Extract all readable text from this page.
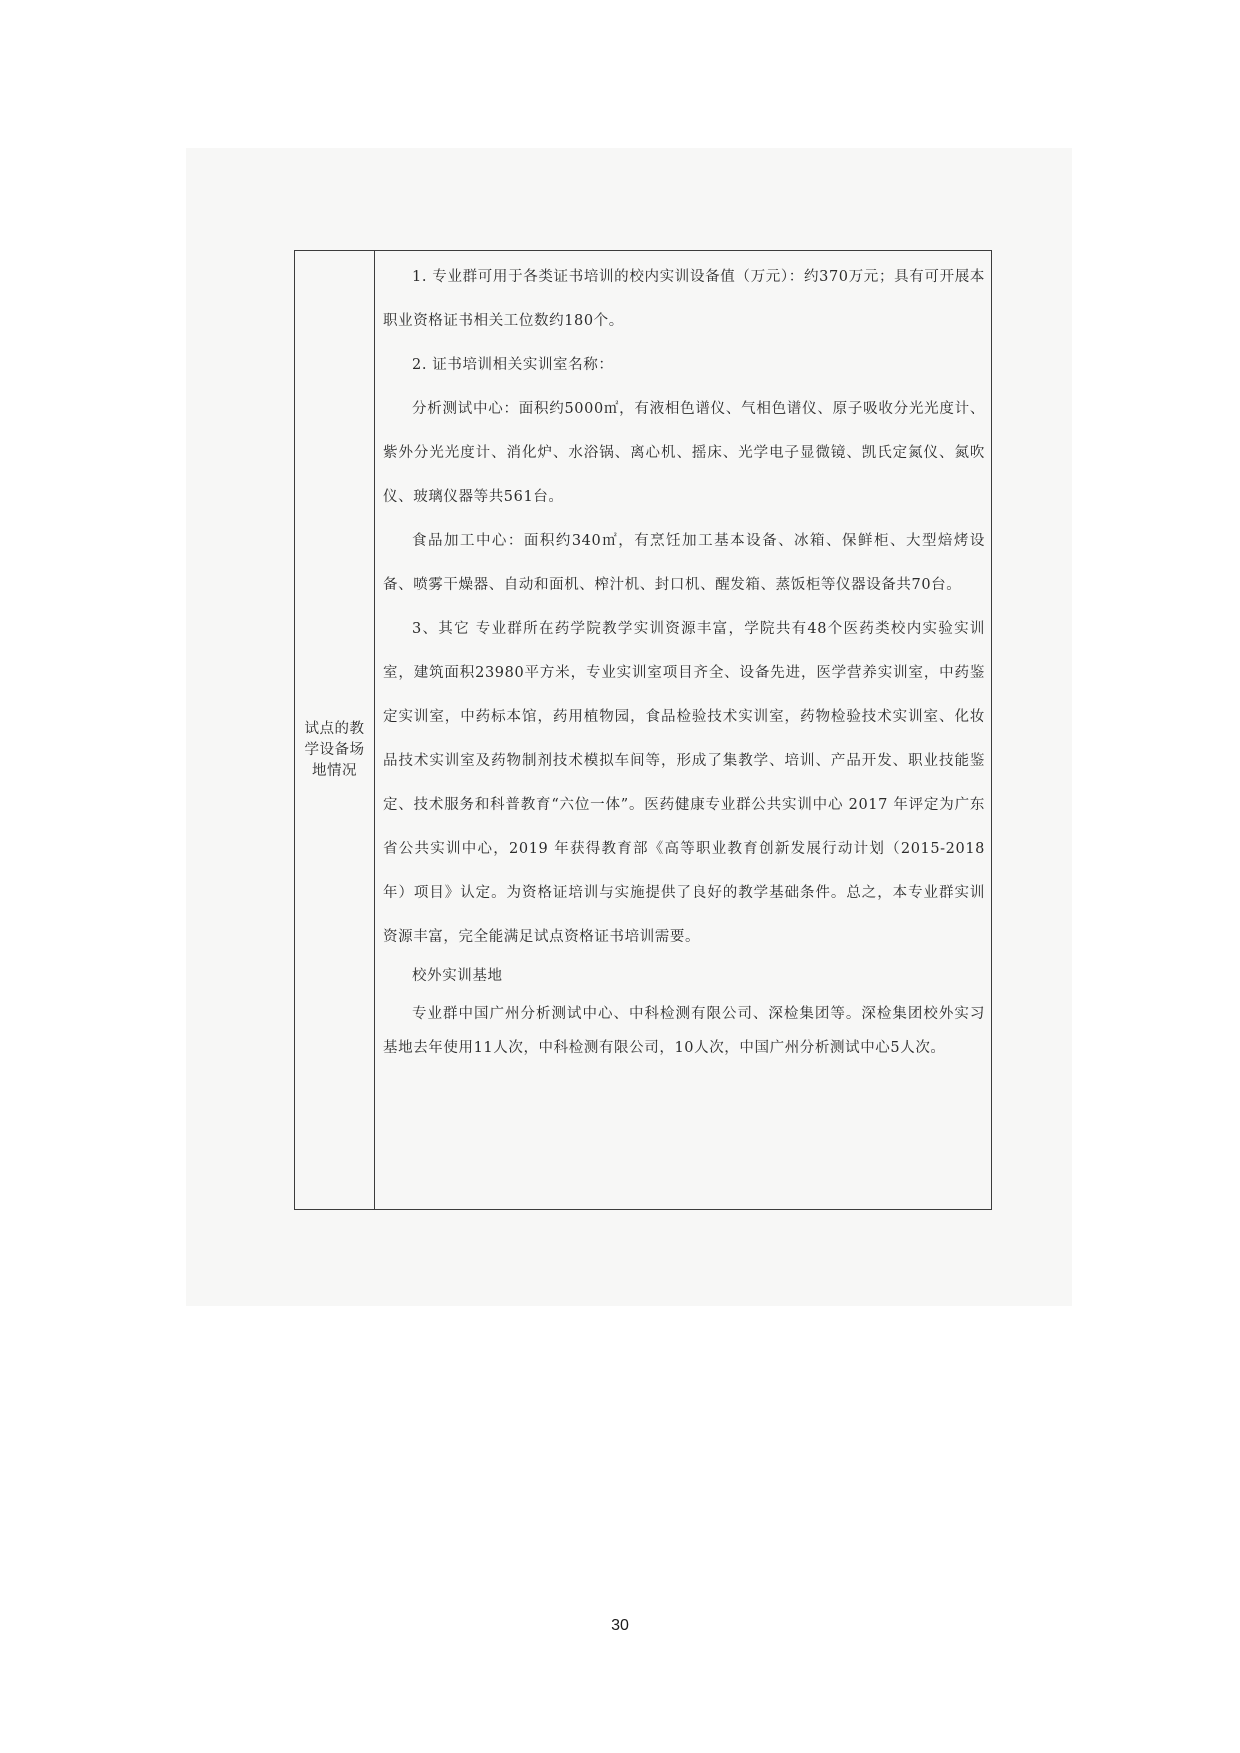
试点的教学设备场地情况

1. 专业群可用于各类证书培训的校内实训设备值（万元）：约370万元；具有可开展本职业资格证书相关工位数约180个。

2. 证书培训相关实训室名称：

分析测试中心：面积约5000㎡，有液相色谱仪、气相色谱仪、原子吸收分光光度计、紫外分光光度计、消化炉、水浴锅、离心机、摇床、光学电子显微镜、凯氏定氮仪、氮吹仪、玻璃仪器等共561台。

食品加工中心：面积约340㎡，有烹饪加工基本设备、冰箱、保鲜柜、大型焙烤设备、喷雾干燥器、自动和面机、榨汁机、封口机、醒发箱、蒸饭柜等仪器设备共70台。

3、其它 专业群所在药学院教学实训资源丰富，学院共有48个医药类校内实验实训室，建筑面积23980平方米，专业实训室项目齐全、设备先进，医学营养实训室，中药鉴定实训室，中药标本馆，药用植物园，食品检验技术实训室，药物检验技术实训室、化妆品技术实训室及药物制剂技术模拟车间等，形成了集教学、培训、产品开发、职业技能鉴定、技术服务和科普教育“六位一体”。医药健康专业群公共实训中心 2017 年评定为广东省公共实训中心，2019 年获得教育部《高等职业教育创新发展行动计划（2015-2018年）项目》认定。为资格证培训与实施提供了良好的教学基础条件。总之，本专业群实训资源丰富，完全能满足试点资格证书培训需要。

校外实训基地

专业群中国广州分析测试中心、中科检测有限公司、深检集团等。深检集团校外实习基地去年使用11人次，中科检测有限公司，10人次，中国广州分析测试中心5人次。

30
